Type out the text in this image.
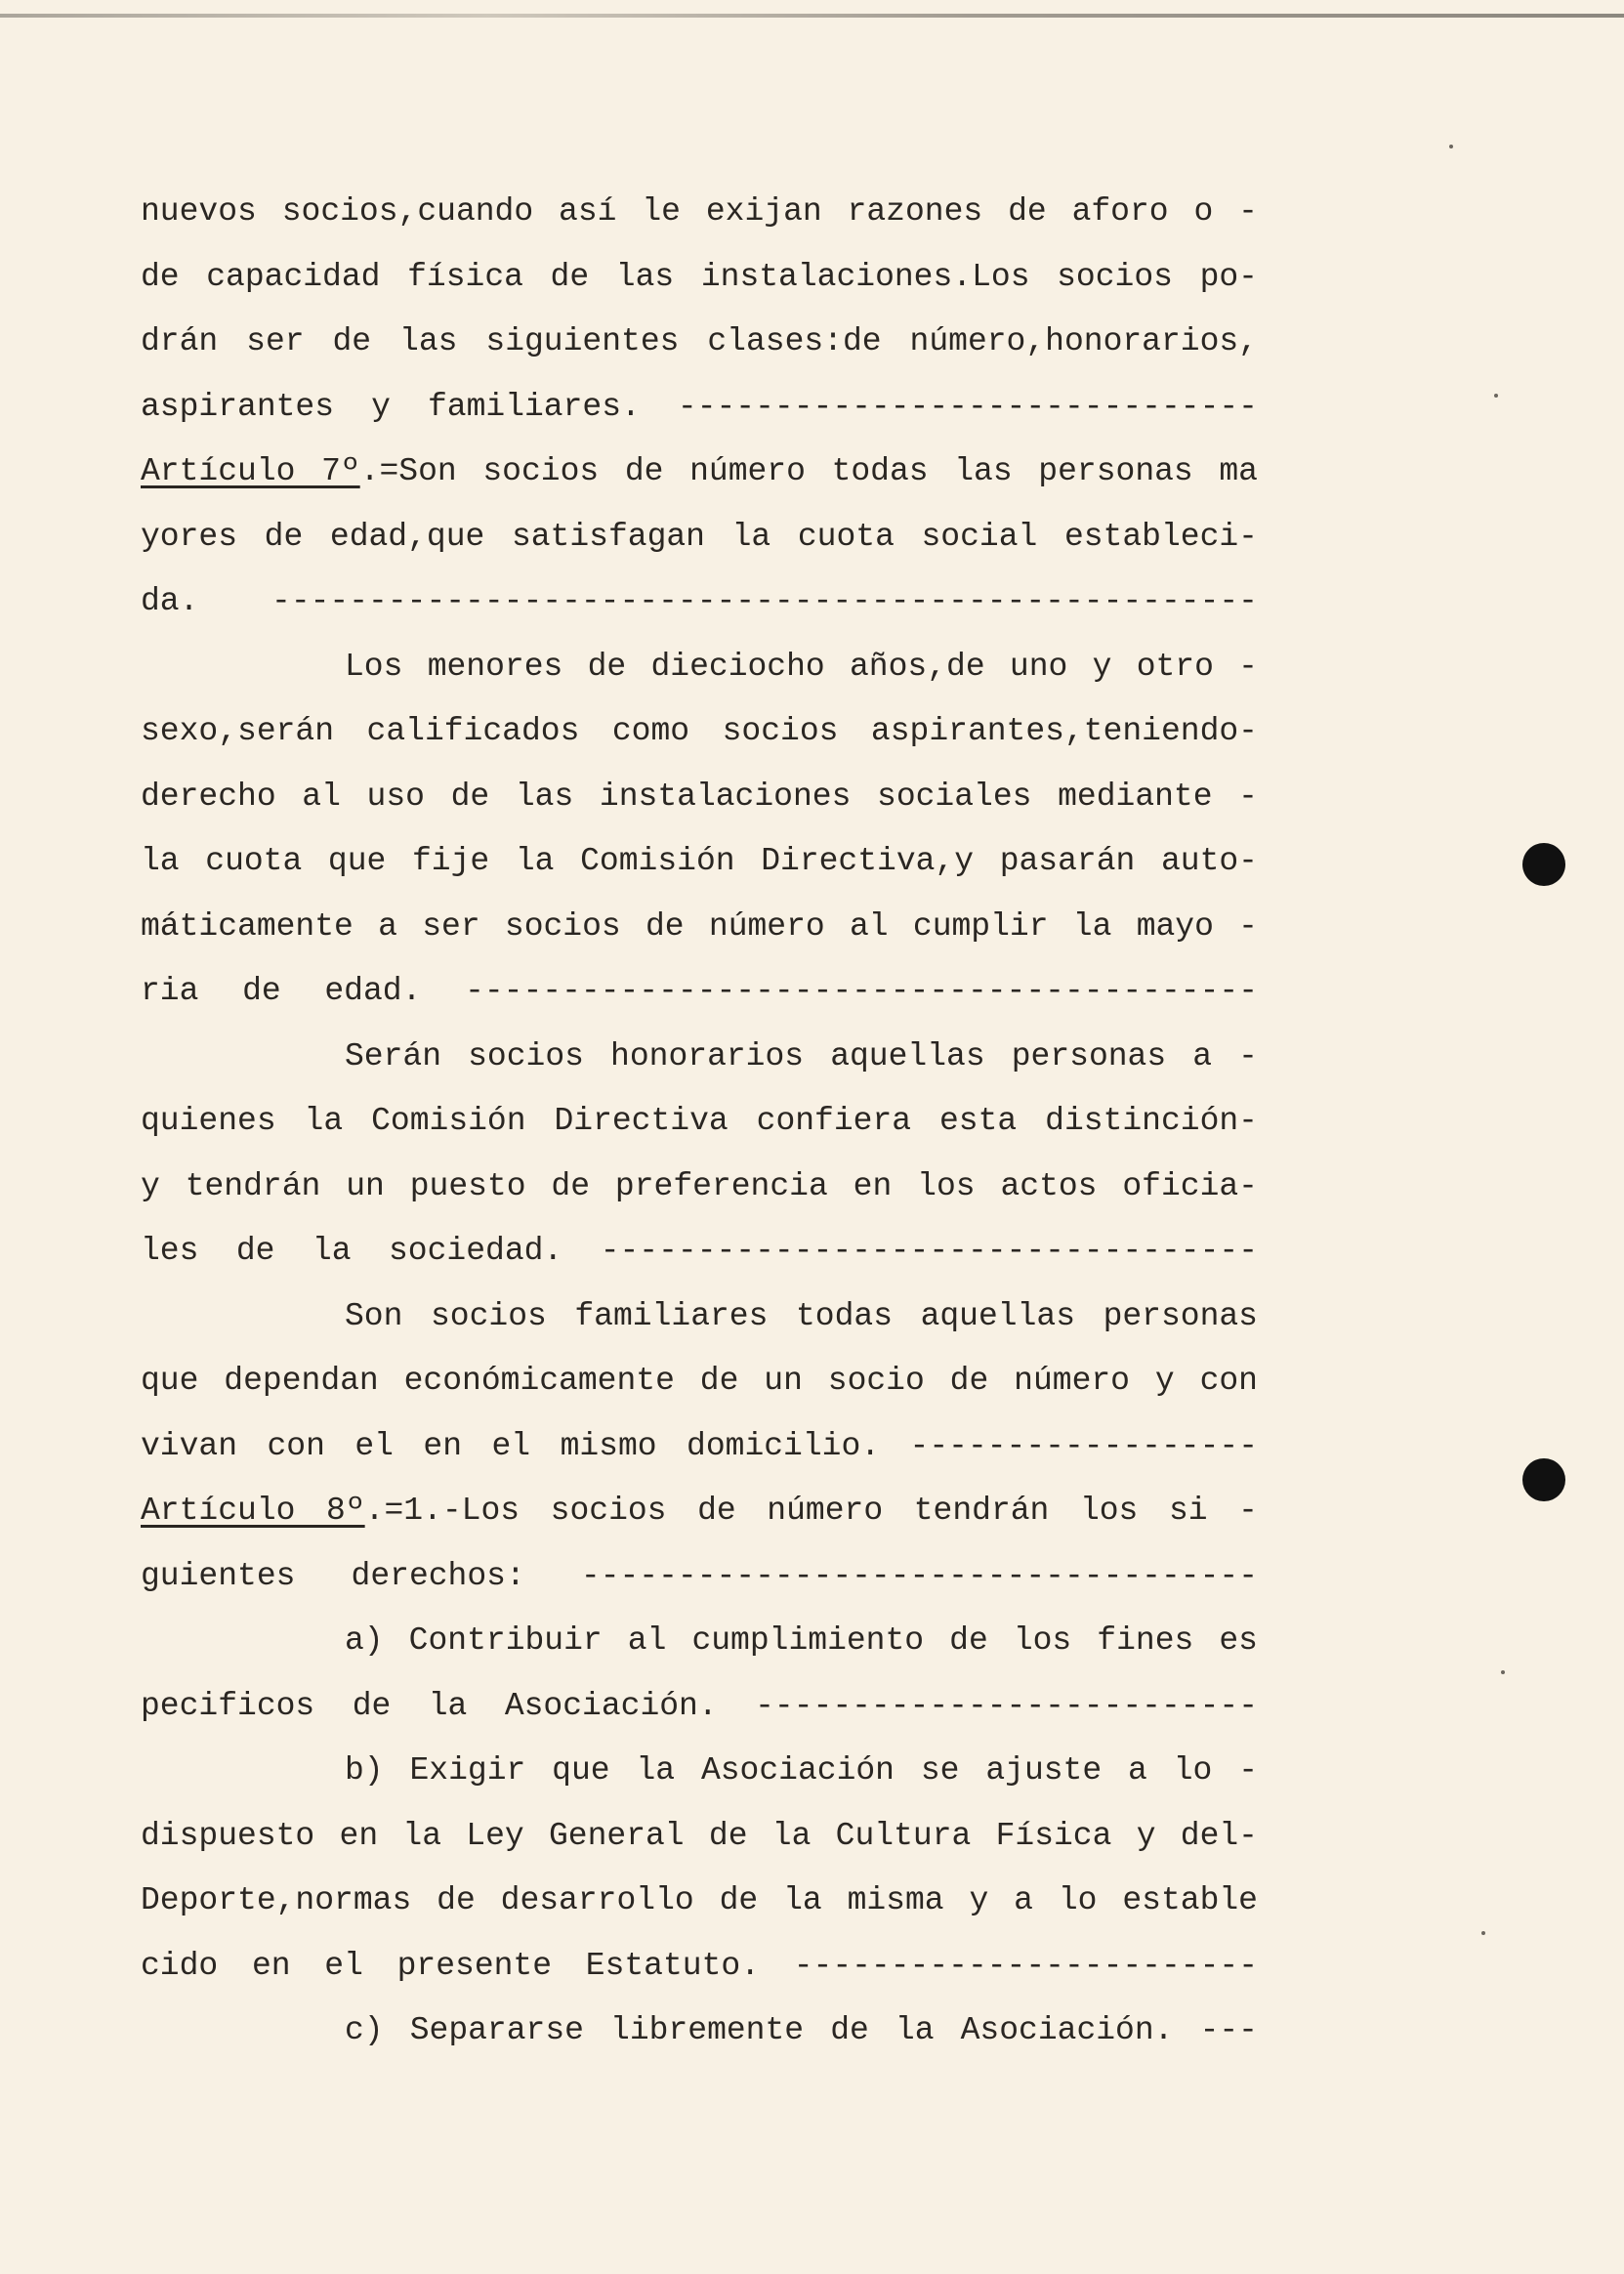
nuevos socios,cuando así le exijan razones de aforo o -
de capacidad física de las instalaciones.Los socios po-
drán ser de las siguientes clases:de número,honorarios,
aspirantes y familiares. ------------------------------
Artículo 7º.=Son socios de número todas las personas ma
yores de edad,que satisfagan la cuota social estableci-
da. ---------------------------------------------------
Los menores de dieciocho años,de uno y otro -
sexo,serán calificados como socios aspirantes,teniendo-
derecho al uso de las instalaciones sociales mediante -
la cuota que fije la Comisión Directiva,y pasarán auto-
máticamente a ser socios de número al cumplir la mayo -
ria de edad. -----------------------------------------
Serán socios honorarios aquellas personas a -
quienes la Comisión Directiva confiera esta distinción-
y tendrán un puesto de preferencia en los actos oficia-
les de la sociedad. ----------------------------------
Son socios familiares todas aquellas personas
que dependan económicamente de un socio de número y con
vivan con el en el mismo domicilio. ------------------
Artículo 8º.=1.-Los socios de número tendrán los si -
guientes derechos: -----------------------------------
a) Contribuir al cumplimiento de los fines es
pecificos de la Asociación. --------------------------
b) Exigir que la Asociación se ajuste a lo -
dispuesto en la Ley General de la Cultura Física y del-
Deporte,normas de desarrollo de la misma y a lo estable
cido en el presente Estatuto. ------------------------
c) Separarse libremente de la Asociación. ---
